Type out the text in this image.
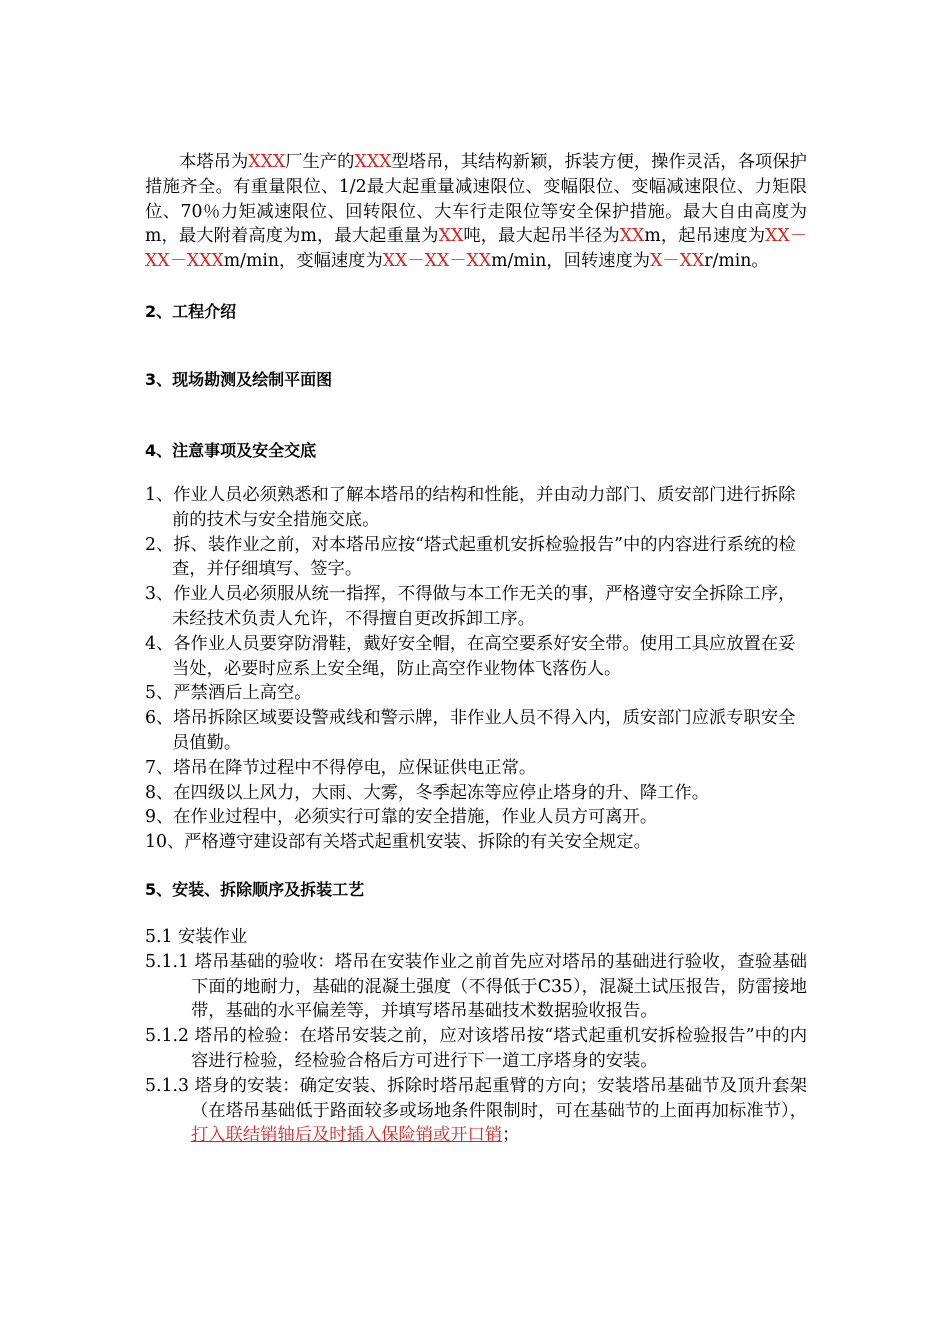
本塔吊为XXX厂生产的XXX型塔吊，其结构新颖，拆装方便，操作灵活，各项保护措施齐全。有重量限位、1/2最大起重量减速限位、变幅限位、变幅减速限位、力矩限位、70％力矩减速限位、回转限位、大车行走限位等安全保护措施。最大自由高度为m，最大附着高度为m，最大起重量为XX吨，最大起吊半径为XXm，起吊速度为XX－XX－XXXm/min，变幅速度为XX－XX－XXm/min，回转速度为X－XXr/min。

2、工程介绍
3、现场勘测及绘制平面图
4、注意事项及安全交底

1、作业人员必须熟悉和了解本塔吊的结构和性能，并由动力部门、质安部门进行拆除前的技术与安全措施交底。

2、拆、装作业之前，对本塔吊应按“塔式起重机安拆检验报告”中的内容进行系统的检查，并仔细填写、签字。

3、作业人员必须服从统一指挥，不得做与本工作无关的事，严格遵守安全拆除工序，未经技术负责人允许，不得擅自更改拆卸工序。

4、各作业人员要穿防滑鞋，戴好安全帽，在高空要系好安全带。使用工具应放置在妥当处，必要时应系上安全绳，防止高空作业物体飞落伤人。

5、严禁酒后上高空。

6、塔吊拆除区域要设警戒线和警示牌，非作业人员不得入内，质安部门应派专职安全员值勤。

7、塔吊在降节过程中不得停电，应保证供电正常。

8、在四级以上风力，大雨、大雾，冬季起冻等应停止塔身的升、降工作。

9、在作业过程中，必须实行可靠的安全措施，作业人员方可离开。

10、严格遵守建设部有关塔式起重机安装、拆除的有关安全规定。

5、安装、拆除顺序及拆装工艺

5.1 安装作业

5.1.1 塔吊基础的验收：塔吊在安装作业之前首先应对塔吊的基础进行验收，查验基础下面的地耐力，基础的混凝土强度（不得低于C35），混凝土试压报告，防雷接地带，基础的水平偏差等，并填写塔吊基础技术数据验收报告。

5.1.2 塔吊的检验：在塔吊安装之前，应对该塔吊按“塔式起重机安拆检验报告”中的内容进行检验，经检验合格后方可进行下一道工序塔身的安装。

5.1.3 塔身的安装：确定安装、拆除时塔吊起重臂的方向；安装塔吊基础节及顶升套架（在塔吊基础低于路面较多或场地条件限制时，可在基础节的上面再加标准节），打入联结销轴后及时插入保险销或开口销；
